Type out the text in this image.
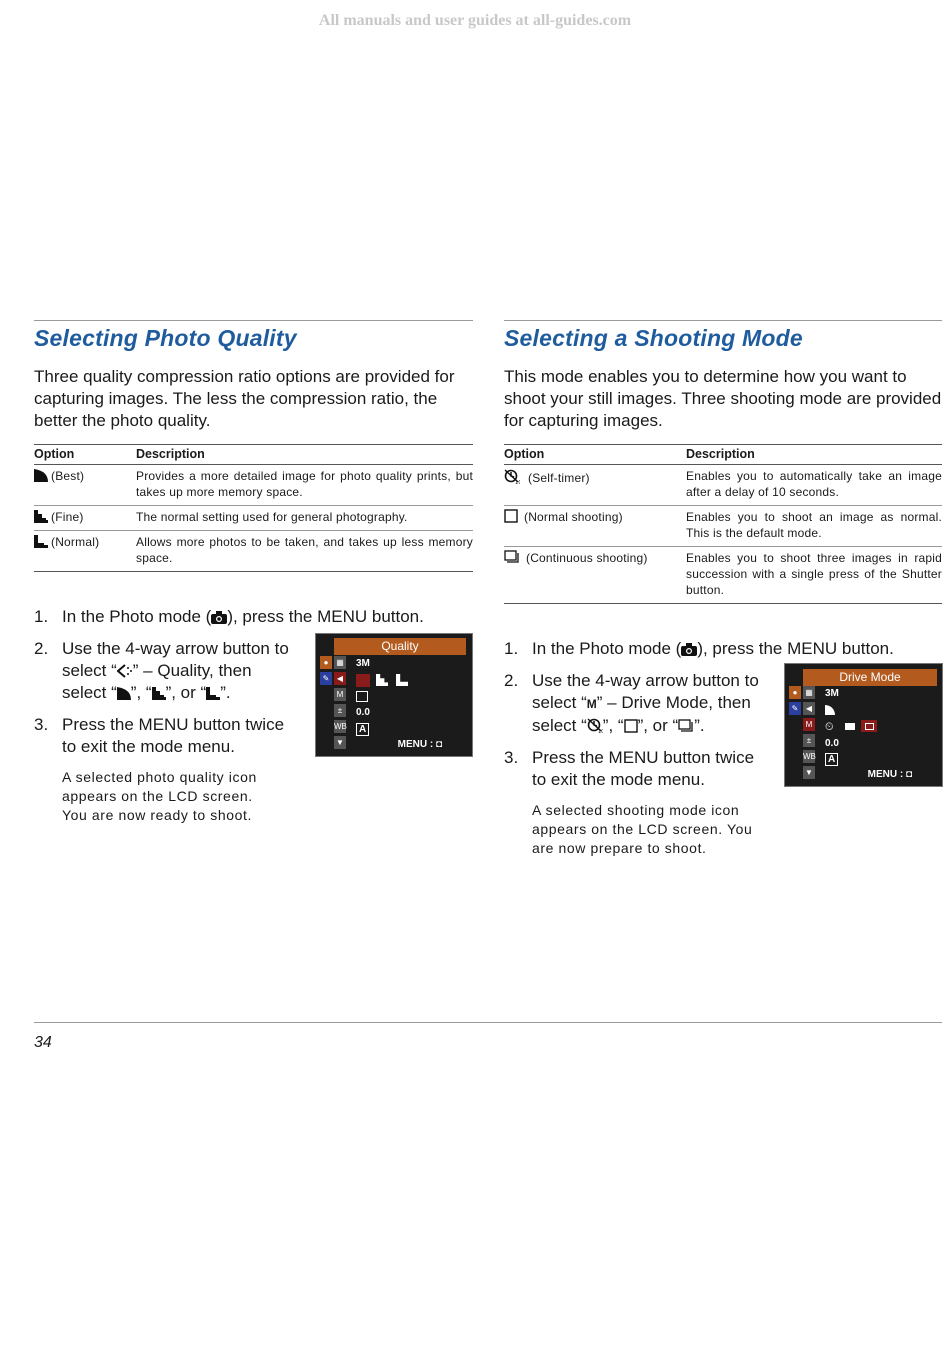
All manuals and user guides at all-guides.com
Selecting Photo Quality

Three quality compression ratio options are provided for capturing images. The less the compression ratio, the better the photo quality.

Option	Description
(Best)	Provides a more detailed image for photo quality prints, but takes up more memory space.
(Fine)	The normal setting used for general photography.
(Normal)	Allows more photos to be taken, and takes up less memory space.
1. In the Photo mode ( ), press the MENU button.
2. Use the 4-way arrow button to select “ ” – Quality, then select “ ”, “ ”, or “ ”.
3. Press the MENU button twice to exit the mode menu.
A selected photo quality icon appears on the LCD screen. You are now ready to shoot.
Quality
●
✎
▦
◀
M
±
WB
▼
3M
0.0
A
MENU : ◘
Selecting a Shooting Mode

This mode enables you to determine how you want to shoot your still images. Three shooting mode are provided for capturing images.

Option	Description
(Self-timer)	Enables you to automatically take an image after a delay of 10 seconds.
(Normal shooting)	Enables you to shoot an image as normal. This is the default mode.
(Continuous shooting)	Enables you to shoot three images in rapid succession with a single press of the Shutter button.
1. In the Photo mode ( ), press the MENU button.
2. Use the 4-way arrow button to select “M” – Drive Mode, then select “ ”, “ ”, or “ ”.
3. Press the MENU button twice to exit the mode menu.
A selected shooting mode icon appears on the LCD screen. You are now prepare to shoot.
Drive Mode
●
✎
▦
◀
M
±
WB
▼
3M
⏲
0.0
A
MENU : ◘
34
